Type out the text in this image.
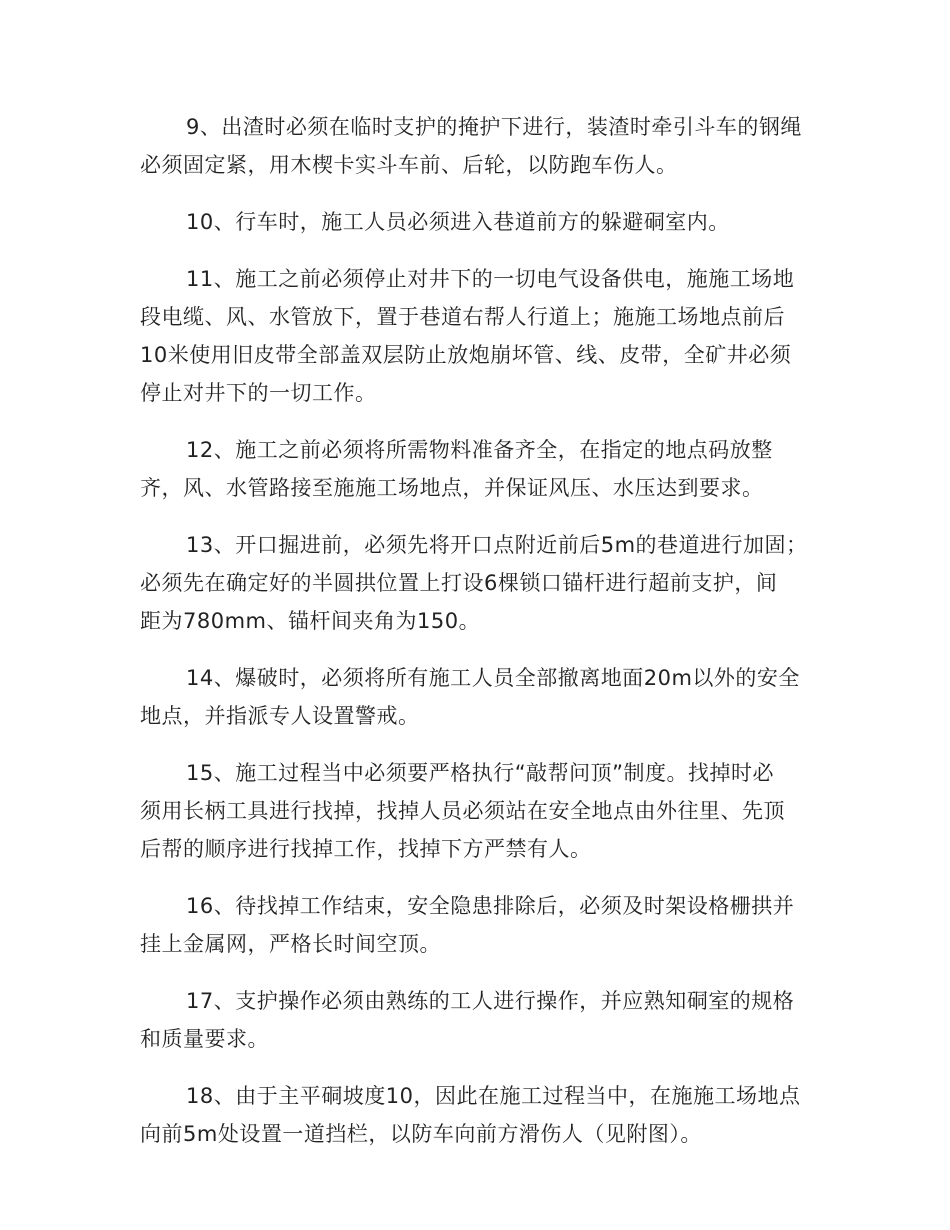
9、出渣时必须在临时支护的掩护下进行，装渣时牵引斗车的钢绳
必须固定紧，用木楔卡实斗车前、后轮，以防跑车伤人。
10、行车时，施工人员必须进入巷道前方的躲避硐室内。
11、施工之前必须停止对井下的一切电气设备供电，施施工场地
段电缆、风、水管放下，置于巷道右帮人行道上；施施工场地点前后
10米使用旧皮带全部盖双层防止放炮崩坏管、线、皮带，全矿井必须
停止对井下的一切工作。
12、施工之前必须将所需物料准备齐全，在指定的地点码放整
齐，风、水管路接至施施工场地点，并保证风压、水压达到要求。
13、开口掘进前，必须先将开口点附近前后5m的巷道进行加固；
必须先在确定好的半圆拱位置上打设6棵锁口锚杆进行超前支护，间
距为780mm、锚杆间夹角为150。
14、爆破时，必须将所有施工人员全部撤离地面20m以外的安全
地点，并指派专人设置警戒。
15、施工过程当中必须要严格执行“敲帮问顶”制度。找掉时必
须用长柄工具进行找掉，找掉人员必须站在安全地点由外往里、先顶
后帮的顺序进行找掉工作，找掉下方严禁有人。
16、待找掉工作结束，安全隐患排除后，必须及时架设格栅拱并
挂上金属网，严格长时间空顶。
17、支护操作必须由熟练的工人进行操作，并应熟知硐室的规格
和质量要求。
18、由于主平硐坡度10，因此在施工过程当中，在施施工场地点
向前5m处设置一道挡栏，以防车向前方滑伤人（见附图）。
